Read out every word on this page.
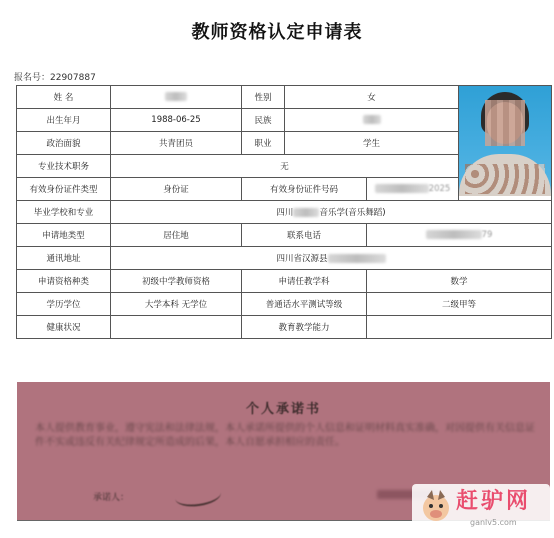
教师资格认定申请表
报名号：22907887
姓 名		性别	女		

出生年月	1988-06-25	民族			
政治面貌	共青团员	职业	学生		
专业技术职务	无				
有效身份证件类型	身份证	有效身份证件号码		2025	
毕业学校和专业	四川 音乐学(音乐舞蹈)				
申请地类型	居住地	联系电话		79	
通讯地址	四川省汉源县				
申请资格种类	初级中学教师资格	申请任教学科		数学	
学历学位	大学本科 无学位	普通话水平测试等级		二级甲等	
健康状况		教育教学能力			
个人承诺书
本人提供教育事业，遵守宪法和法律法规，本人承诺所提供的个人信息和证明材料真实准确，对因提供有关信息证件不实或违反有关纪律规定所造成的后果，本人自愿承担相应的责任。
承诺人：	赶驴网
ganlv5.com
